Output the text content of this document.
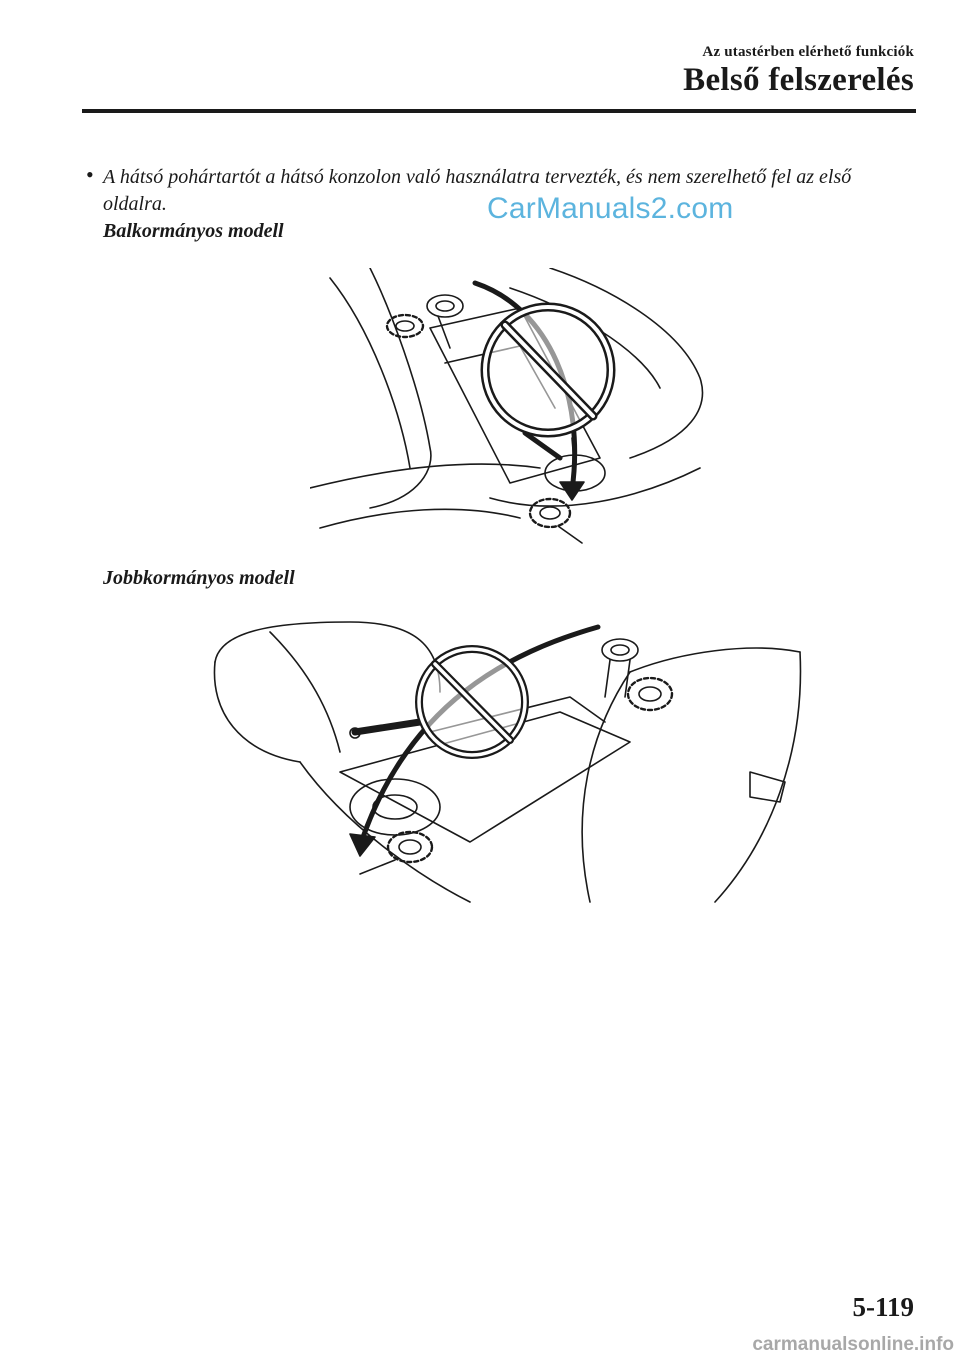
Az utastérben elérhető funkciók
Belső felszerelés
• A hátsó pohártartót a hátsó konzolon való használatra tervezték, és nem szerelhető fel az első oldalra.	CarManuals2.com
Balkormányos modell
Jobbkormányos modell
5-119
carmanualsonline.info
